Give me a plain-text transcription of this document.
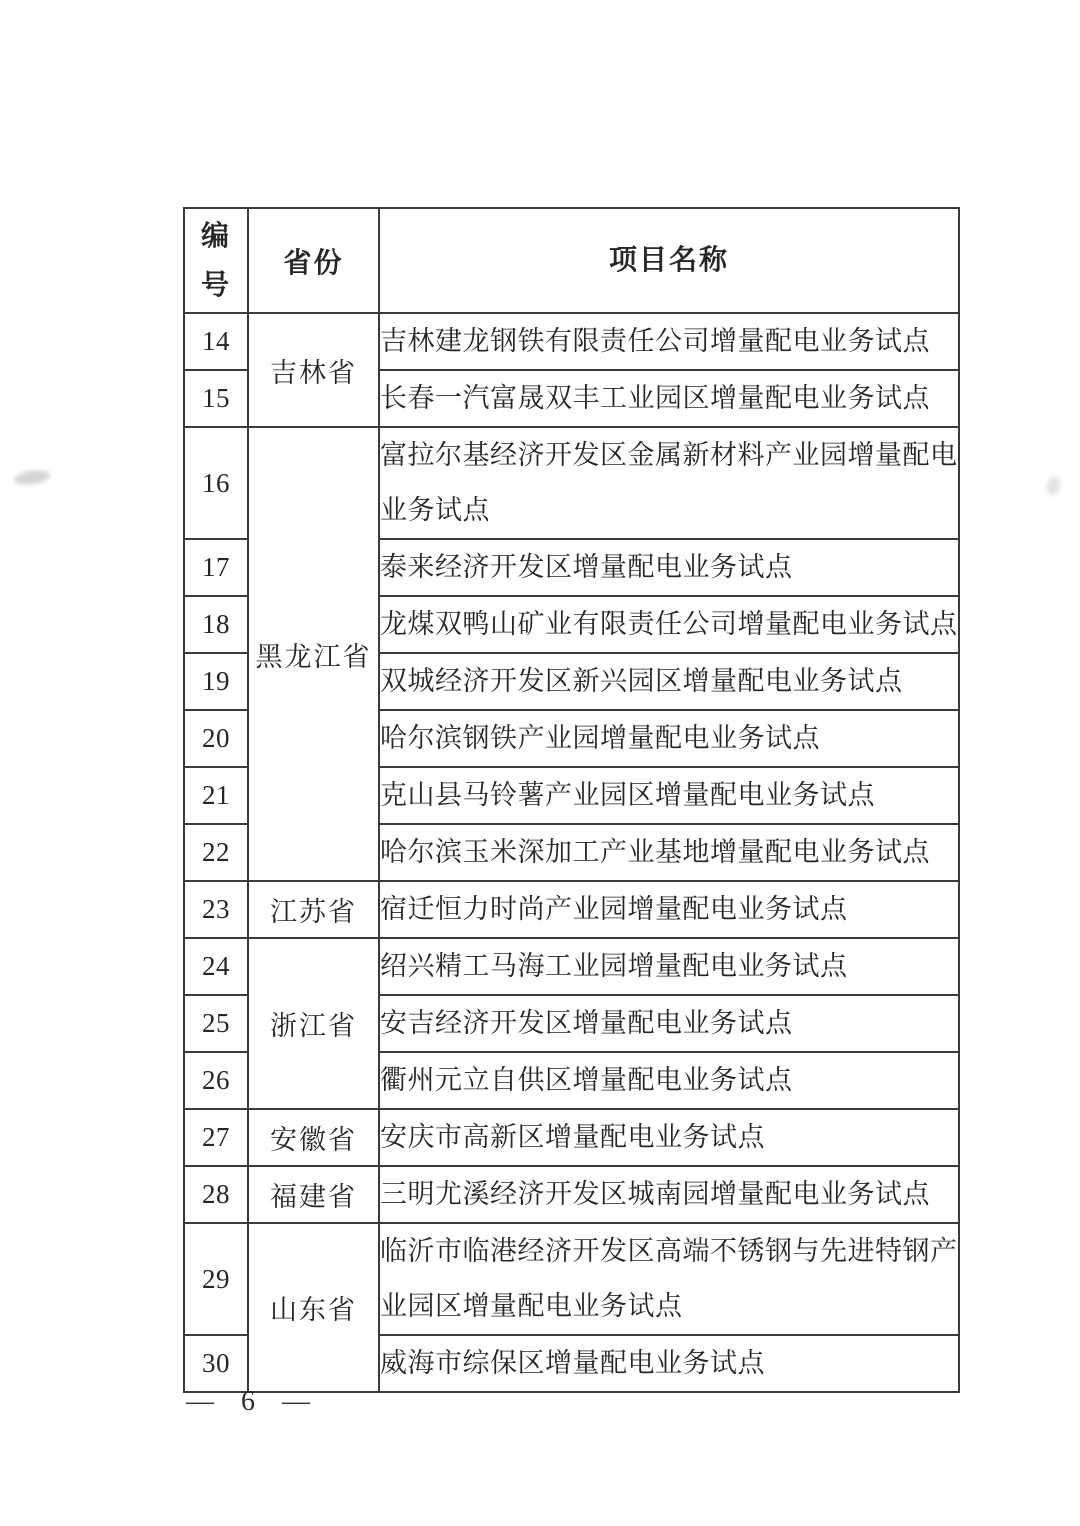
编
号	省份	项目名称
14	吉林省	吉林建龙钢铁有限责任公司增量配电业务试点
15		长春一汽富晟双丰工业园区增量配电业务试点
16	黑龙江省	富拉尔基经济开发区金属新材料产业园增量配电业务试点
17		泰来经济开发区增量配电业务试点
18		龙煤双鸭山矿业有限责任公司增量配电业务试点
19		双城经济开发区新兴园区增量配电业务试点
20		哈尔滨钢铁产业园增量配电业务试点
21		克山县马铃薯产业园区增量配电业务试点
22		哈尔滨玉米深加工产业基地增量配电业务试点
23	江苏省	宿迁恒力时尚产业园增量配电业务试点
24	浙江省	绍兴精工马海工业园增量配电业务试点
25		安吉经济开发区增量配电业务试点
26		衢州元立自供区增量配电业务试点
27	安徽省	安庆市高新区增量配电业务试点
28	福建省	三明尤溪经济开发区城南园增量配电业务试点
29	山东省	临沂市临港经济开发区高端不锈钢与先进特钢产业园区增量配电业务试点
30		威海市综保区增量配电业务试点
— 6 —
